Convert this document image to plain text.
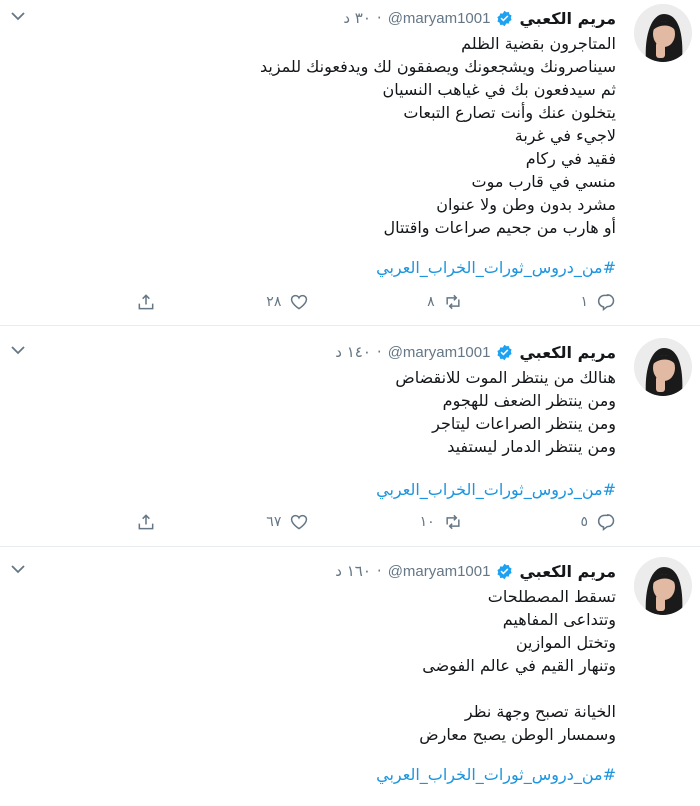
مريم الكعبي
@maryam1001
·
٣٠ د
المتاجرون بقضية الظلم
سيناصرونك ويشجعونك ويصفقون لك ويدفعونك للمزيد
ثم سيدفعون بك في غياهب النسيان
يتخلون عنك وأنت تصارع التبعات
لاجيء في غربة
فقيد في ركام
منسي في قارب موت
مشرد بدون وطن ولا عنوان
أو هارب من جحيم صراعات واقتتال
#من_دروس_ثورات_الخراب_العربي
١
٨
٢٨
مريم الكعبي
@maryam1001
·
١٤٠ د
هنالك من ينتظر الموت للانقضاض
ومن ينتظر الضعف للهجوم
ومن ينتظر الصراعات ليتاجر
ومن ينتظر الدمار ليستفيد
#من_دروس_ثورات_الخراب_العربي
٥
١٠
٦٧
مريم الكعبي
@maryam1001
·
١٦٠ د
تسقط المصطلحات
وتتداعى المفاهيم
وتختل الموازين
وتنهار القيم في عالم الفوضى
الخيانة تصبح وجهة نظر
وسمسار الوطن يصبح معارض
#من_دروس_ثورات_الخراب_العربي
